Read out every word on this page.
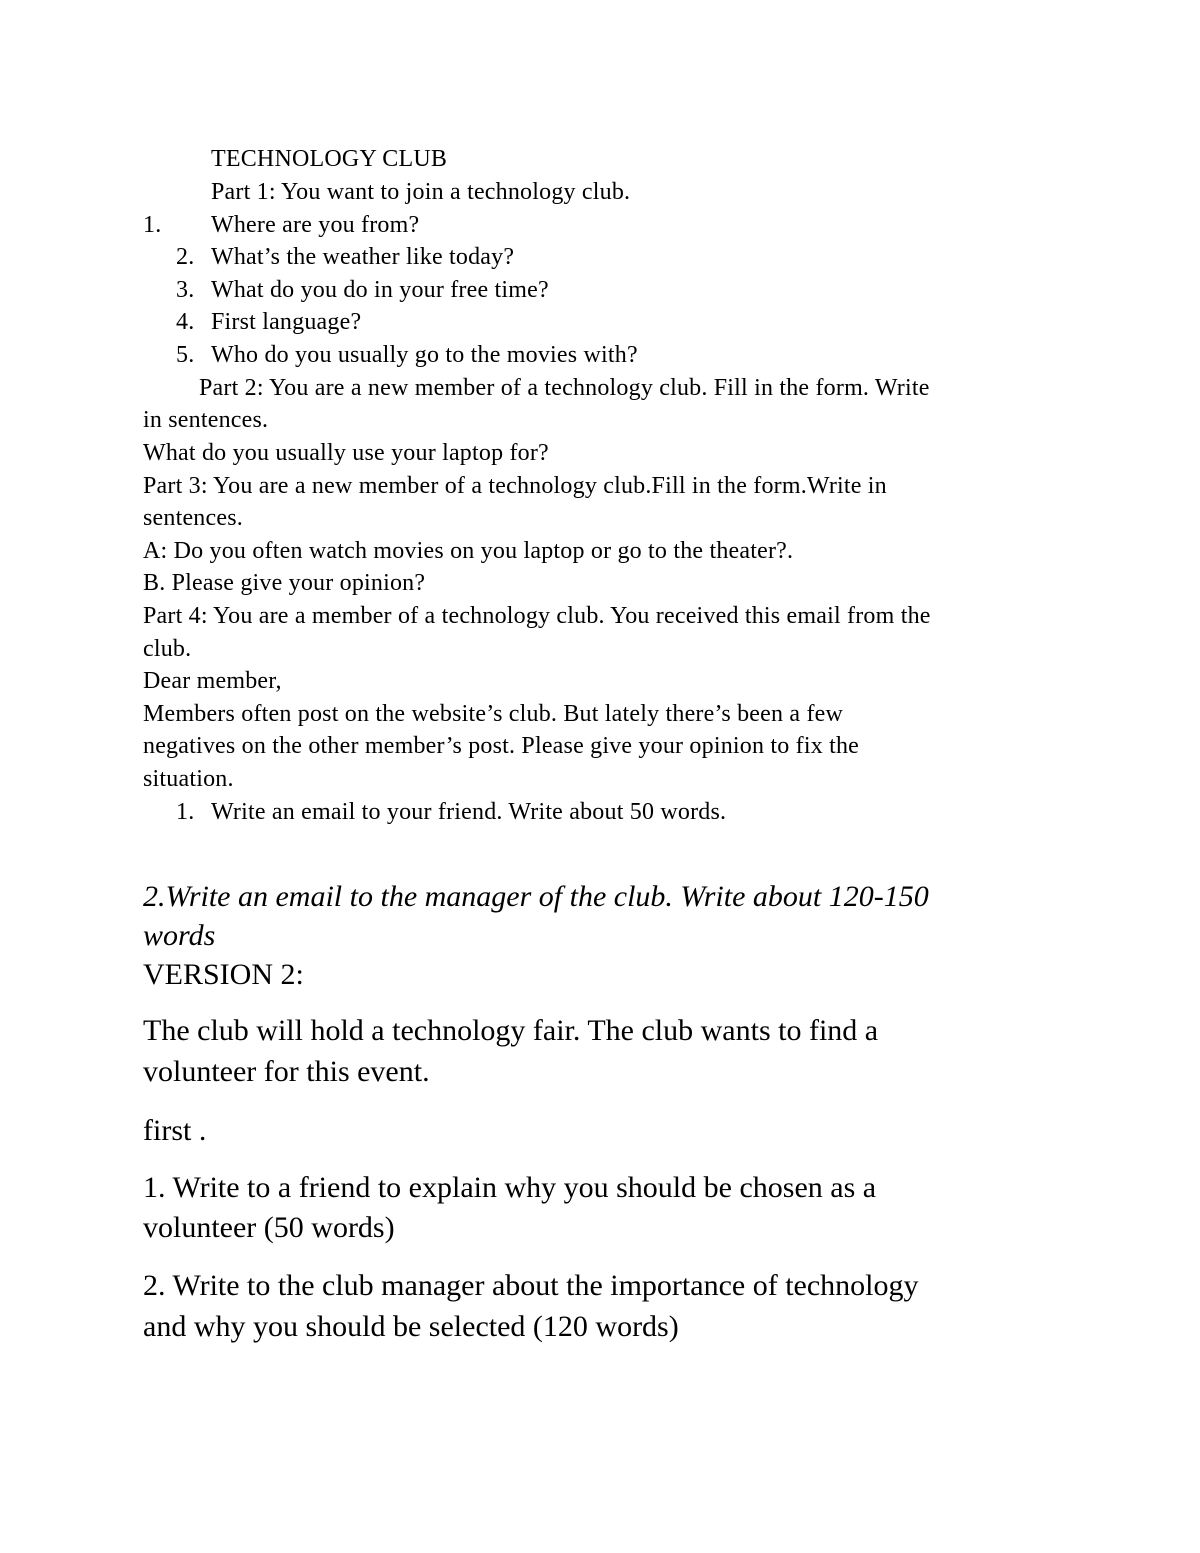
TECHNOLOGY CLUB
Part 1: You want to join a technology club.
1. Where are you from?
2. What’s the weather like today?
3. What do you do in your free time?
4. First language?
5. Who do you usually go to the movies with?
Part 2: You are a new member of a technology club. Fill in the form. Write
in sentences.
What do you usually use your laptop for?
Part 3: You are a new member of a technology club.Fill in the form.Write in
sentences.
A: Do you often watch movies on you laptop or go to the theater?.
B. Please give your opinion?
Part 4: You are a member of a technology club. You received this email from the
club.
Dear member,
Members often post on the website’s club. But lately there’s been a few
negatives on the other member’s post. Please give your opinion to fix the
situation.
1. Write an email to your friend. Write about 50 words.
2.Write an email to the manager of the club. Write about 120-150
words
VERSION 2:
The club will hold a technology fair. The club wants to find a
volunteer for this event.
first .
1. Write to a friend to explain why you should be chosen as a
volunteer (50 words)
2. Write to the club manager about the importance of technology
and why you should be selected (120 words)
